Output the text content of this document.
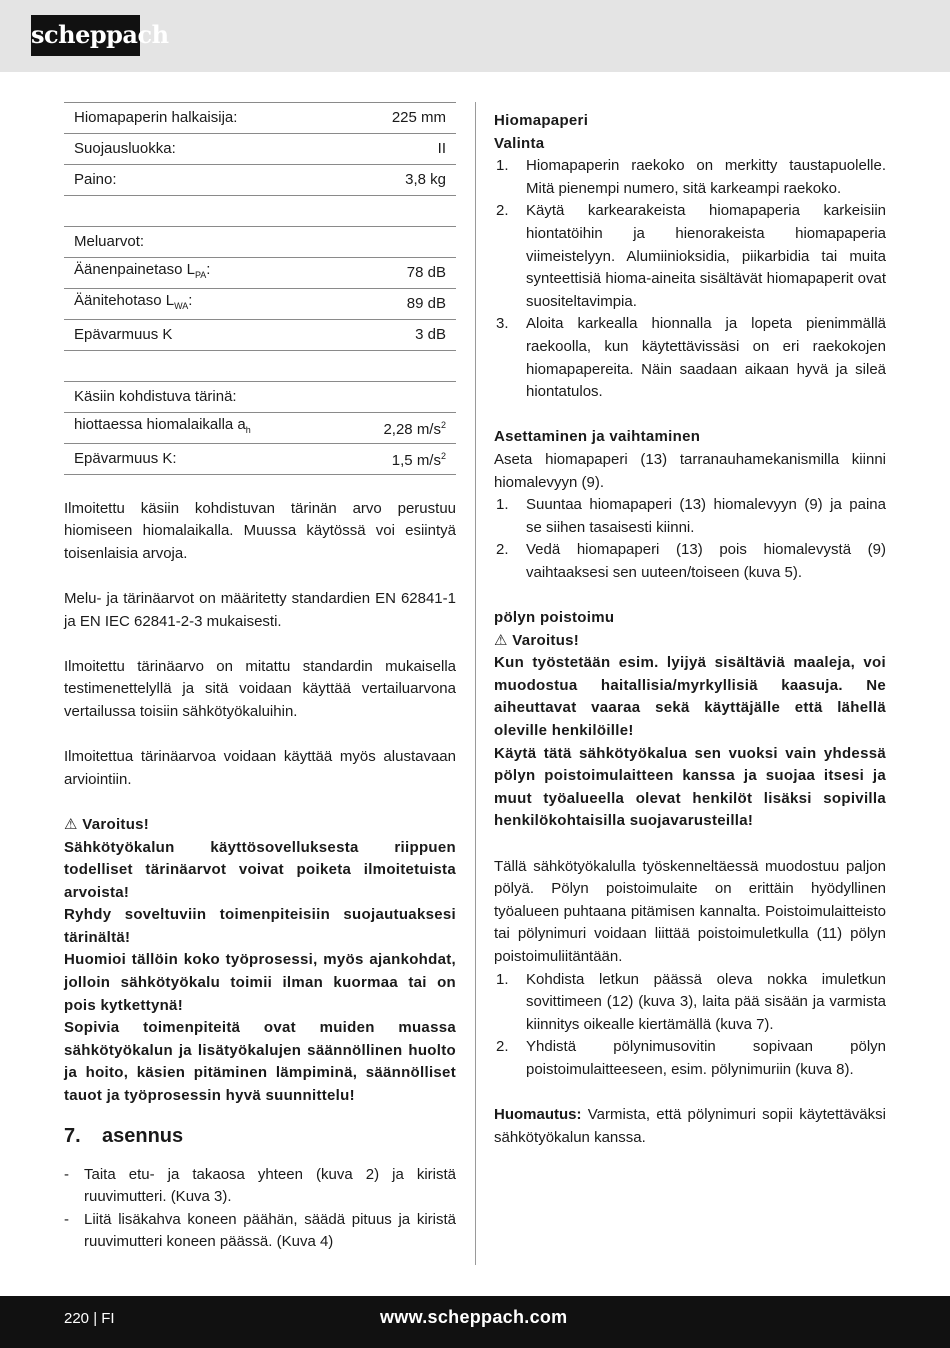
scheppach
Hiomapaperin halkaisija:	225 mm
Suojausluokka:	II
Paino:	3,8 kg

Meluarvot:	
Äänenpainetaso $L_{PA}$:	78 dB
Äänitehotaso $L_{WA}$:	89 dB
Epävarmuus K	3 dB

Käsiin kohdistuva tärinä:	
hiottaessa hiomalaikalla $a_h$	2,28 $m/s^2$
Epävarmuus K:	1,5 $m/s^2$

Ilmoitettu käsiin kohdistuvan tärinän arvo perustuu hiomiseen hiomalaikalla. Muussa käytössä voi esiintyä toisenlaisia arvoja.

Melu- ja tärinäarvot on määritetty standardien EN 62841-1 ja EN IEC 62841-2-3 mukaisesti.

Ilmoitettu tärinäarvo on mitattu standardin mukaisella testimenettelyllä ja sitä voidaan käyttää vertailuarvona vertailussa toisiin sähkötyökaluihin.

Ilmoitettua tärinäarvoa voidaan käyttää myös alustavaan arviointiin.

⚠ Varoitus!

Sähkötyökalun käyttösovelluksesta riippuen todelliset tärinäarvot voivat poiketa ilmoitetuista arvoista!

Ryhdy soveltuviin toimenpiteisiin suojautuaksesi tärinältä!

Huomioi tällöin koko työprosessi, myös ajankohdat, jolloin sähkötyökalu toimii ilman kuormaa tai on pois kytkettynä!

Sopivia toimenpiteitä ovat muiden muassa sähkötyökalun ja lisätyökalujen säännöllinen huolto ja hoito, käsien pitäminen lämpiminä, säännölliset tauot ja työprosessin hyvä suunnittelu!

7.	asennus
- Taita etu- ja takaosa yhteen (kuva 2) ja kiristä ruuvimutteri. (Kuva 3).
- Liitä lisäkahva koneen päähän, säädä pituus ja kiristä ruuvimutteri koneen päässä. (Kuva 4)

Hiomapaperi

Valinta

1. Hiomapaperin raekoko on merkitty taustapuolelle. Mitä pienempi numero, sitä karkeampi raekoko.
2. Käytä karkearakeista hiomapaperia karkeisiin hiontatöihin ja hienorakeista hiomapaperia viimeistelyyn. Alumiinioksidia, piikarbidia tai muita synteettisiä hioma-aineita sisältävät hiomapaperit ovat suositeltavimpia.
3. Aloita karkealla hionnalla ja lopeta pienimmällä raekoolla, kun käytettävissäsi on eri raekokojen hiomapapereita. Näin saadaan aikaan hyvä ja sileä hiontatulos.

Asettaminen ja vaihtaminen

Aseta hiomapaperi (13) tarranauhamekanismilla kiinni hiomalevyyn (9).

1. Suuntaa hiomapaperi (13) hiomalevyyn (9) ja paina se siihen tasaisesti kiinni.
2. Vedä hiomapaperi (13) pois hiomalevystä (9) vaihtaaksesi sen uuteen/toiseen (kuva 5).

pölyn poistoimu

⚠ Varoitus!

Kun työstetään esim. lyijyä sisältäviä maaleja, voi muodostua haitallisia/myrkyllisiä kaasuja. Ne aiheuttavat vaaraa sekä käyttäjälle että lähellä oleville henkilöille!

Käytä tätä sähkötyökalua sen vuoksi vain yhdessä pölyn poistoimulaitteen kanssa ja suojaa itsesi ja muut työalueella olevat henkilöt lisäksi sopivilla henkilökohtaisilla suojavarusteilla!

Tällä sähkötyökalulla työskenneltäessä muodostuu paljon pölyä. Pölyn poistoimulaite on erittäin hyödyllinen työalueen puhtaana pitämisen kannalta. Poistoimulaitteisto tai pölynimuri voidaan liittää poistoimuletkulla (11) pölyn poistoimuliitäntään.

1. Kohdista letkun päässä oleva nokka imuletkun sovittimeen (12) (kuva 3), laita pää sisään ja varmista kiinnitys oikealle kiertämällä (kuva 7).
2. Yhdistä pölynimusovitin sopivaan pölyn poistoimulaitteeseen, esim. pölynimuriin (kuva 8).

Huomautus: Varmista, että pölynimuri sopii käytettäväksi sähkötyökalun kanssa.

220 | FI	www.scheppach.com
